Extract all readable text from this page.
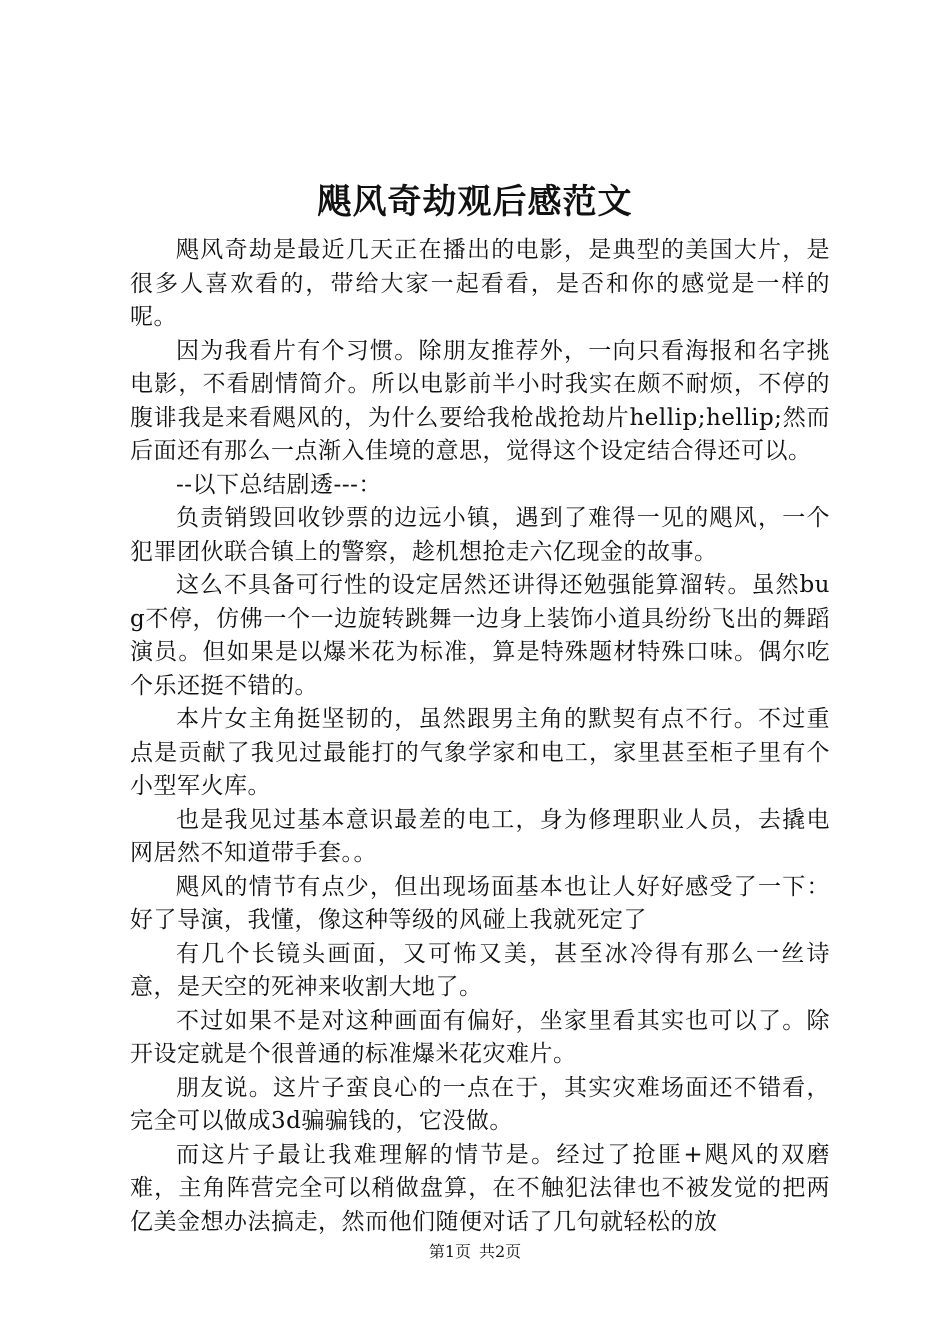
飓风奇劫观后感范文

飓风奇劫是最近几天正在播出的电影，是典型的美国大片，是很多人喜欢看的，带给大家一起看看，是否和你的感觉是一样的呢。

因为我看片有个习惯。除朋友推荐外，一向只看海报和名字挑电影，不看剧情简介。所以电影前半小时我实在颇不耐烦，不停的腹诽我是来看飓风的，为什么要给我枪战抢劫片hellip;hellip;然而后面还有那么一点渐入佳境的意思，觉得这个设定结合得还可以。

--以下总结剧透---：

负责销毁回收钞票的边远小镇，遇到了难得一见的飓风，一个犯罪团伙联合镇上的警察，趁机想抢走六亿现金的故事。

这么不具备可行性的设定居然还讲得还勉强能算溜转。虽然bug不停，仿佛一个一边旋转跳舞一边身上装饰小道具纷纷飞出的舞蹈演员。但如果是以爆米花为标准，算是特殊题材特殊口味。偶尔吃个乐还挺不错的。

本片女主角挺坚韧的，虽然跟男主角的默契有点不行。不过重点是贡献了我见过最能打的气象学家和电工，家里甚至柜子里有个小型军火库。

也是我见过基本意识最差的电工，身为修理职业人员，去撬电网居然不知道带手套。。

飓风的情节有点少，但出现场面基本也让人好好感受了一下：好了导演，我懂，像这种等级的风碰上我就死定了

有几个长镜头画面，又可怖又美，甚至冰冷得有那么一丝诗意，是天空的死神来收割大地了。

不过如果不是对这种画面有偏好，坐家里看其实也可以了。除开设定就是个很普通的标准爆米花灾难片。

朋友说。这片子蛮良心的一点在于，其实灾难场面还不错看，完全可以做成3d骗骗钱的，它没做。

而这片子最让我难理解的情节是。经过了抢匪+飓风的双磨难，主角阵营完全可以稍做盘算，在不触犯法律也不被发觉的把两亿美金想办法搞走，然而他们随便对话了几句就轻松的放

第1页 共2页
